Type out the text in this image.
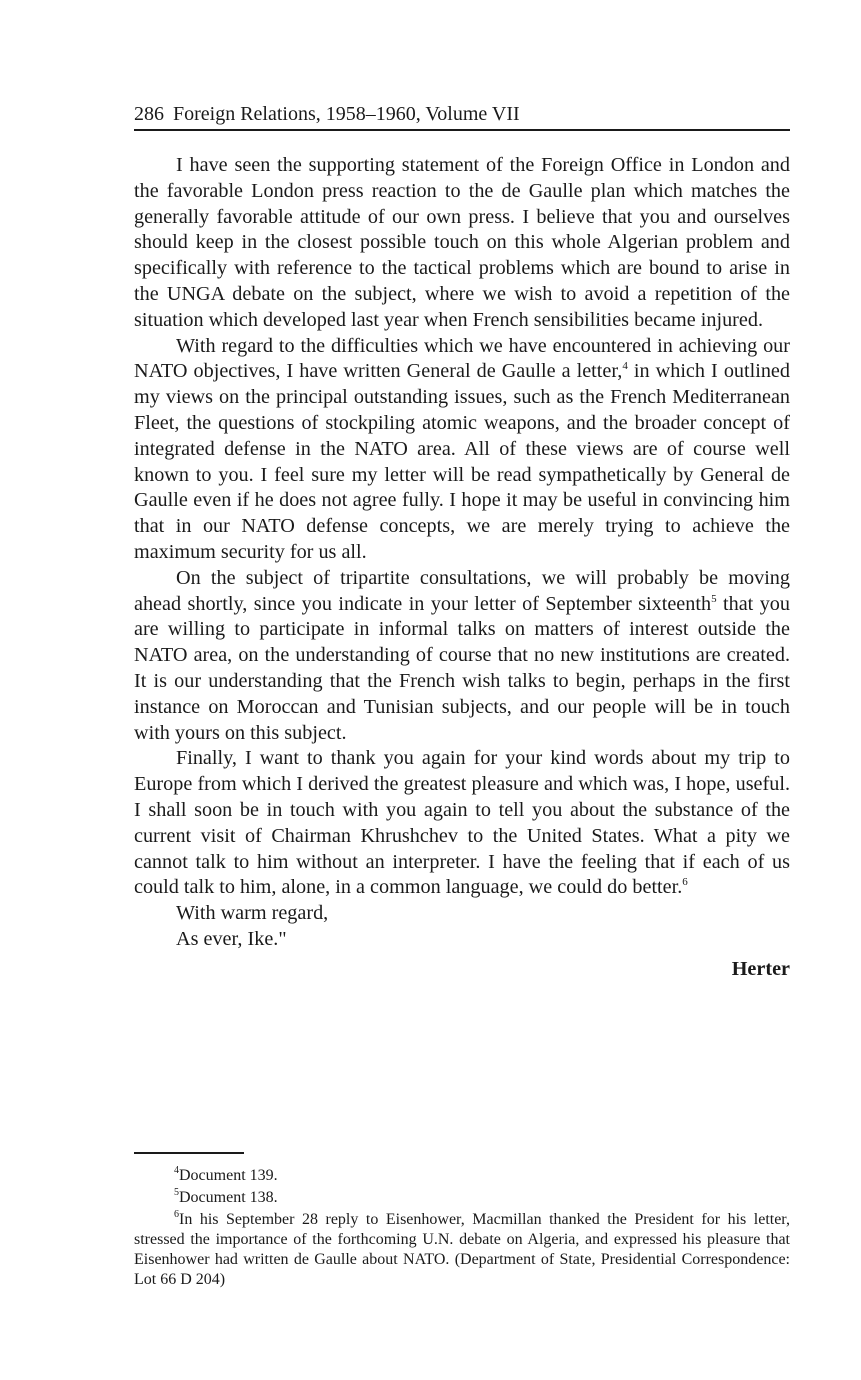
286 Foreign Relations, 1958–1960, Volume VII

I have seen the supporting statement of the Foreign Office in London and the favorable London press reaction to the de Gaulle plan which matches the generally favorable attitude of our own press. I believe that you and ourselves should keep in the closest possible touch on this whole Algerian problem and specifically with reference to the tactical problems which are bound to arise in the UNGA debate on the subject, where we wish to avoid a repetition of the situation which developed last year when French sensibilities became injured.

With regard to the difficulties which we have encountered in achieving our NATO objectives, I have written General de Gaulle a letter,$^4$ in which I outlined my views on the principal outstanding issues, such as the French Mediterranean Fleet, the questions of stockpiling atomic weapons, and the broader concept of integrated defense in the NATO area. All of these views are of course well known to you. I feel sure my letter will be read sympathetically by General de Gaulle even if he does not agree fully. I hope it may be useful in convincing him that in our NATO defense concepts, we are merely trying to achieve the maximum security for us all.

On the subject of tripartite consultations, we will probably be moving ahead shortly, since you indicate in your letter of September sixteenth$^5$ that you are willing to participate in informal talks on matters of interest outside the NATO area, on the understanding of course that no new institutions are created. It is our understanding that the French wish talks to begin, perhaps in the first instance on Moroccan and Tunisian subjects, and our people will be in touch with yours on this subject.

Finally, I want to thank you again for your kind words about my trip to Europe from which I derived the greatest pleasure and which was, I hope, useful. I shall soon be in touch with you again to tell you about the substance of the current visit of Chairman Khrushchev to the United States. What a pity we cannot talk to him without an interpreter. I have the feeling that if each of us could talk to him, alone, in a common language, we could do better.$^6$

With warm regard,

As ever, Ike."

Herter

$^4$Document 139.

$^5$Document 138.

$^6$In his September 28 reply to Eisenhower, Macmillan thanked the President for his letter, stressed the importance of the forthcoming U.N. debate on Algeria, and expressed his pleasure that Eisenhower had written de Gaulle about NATO. (Department of State, Presidential Correspondence: Lot 66 D 204)
